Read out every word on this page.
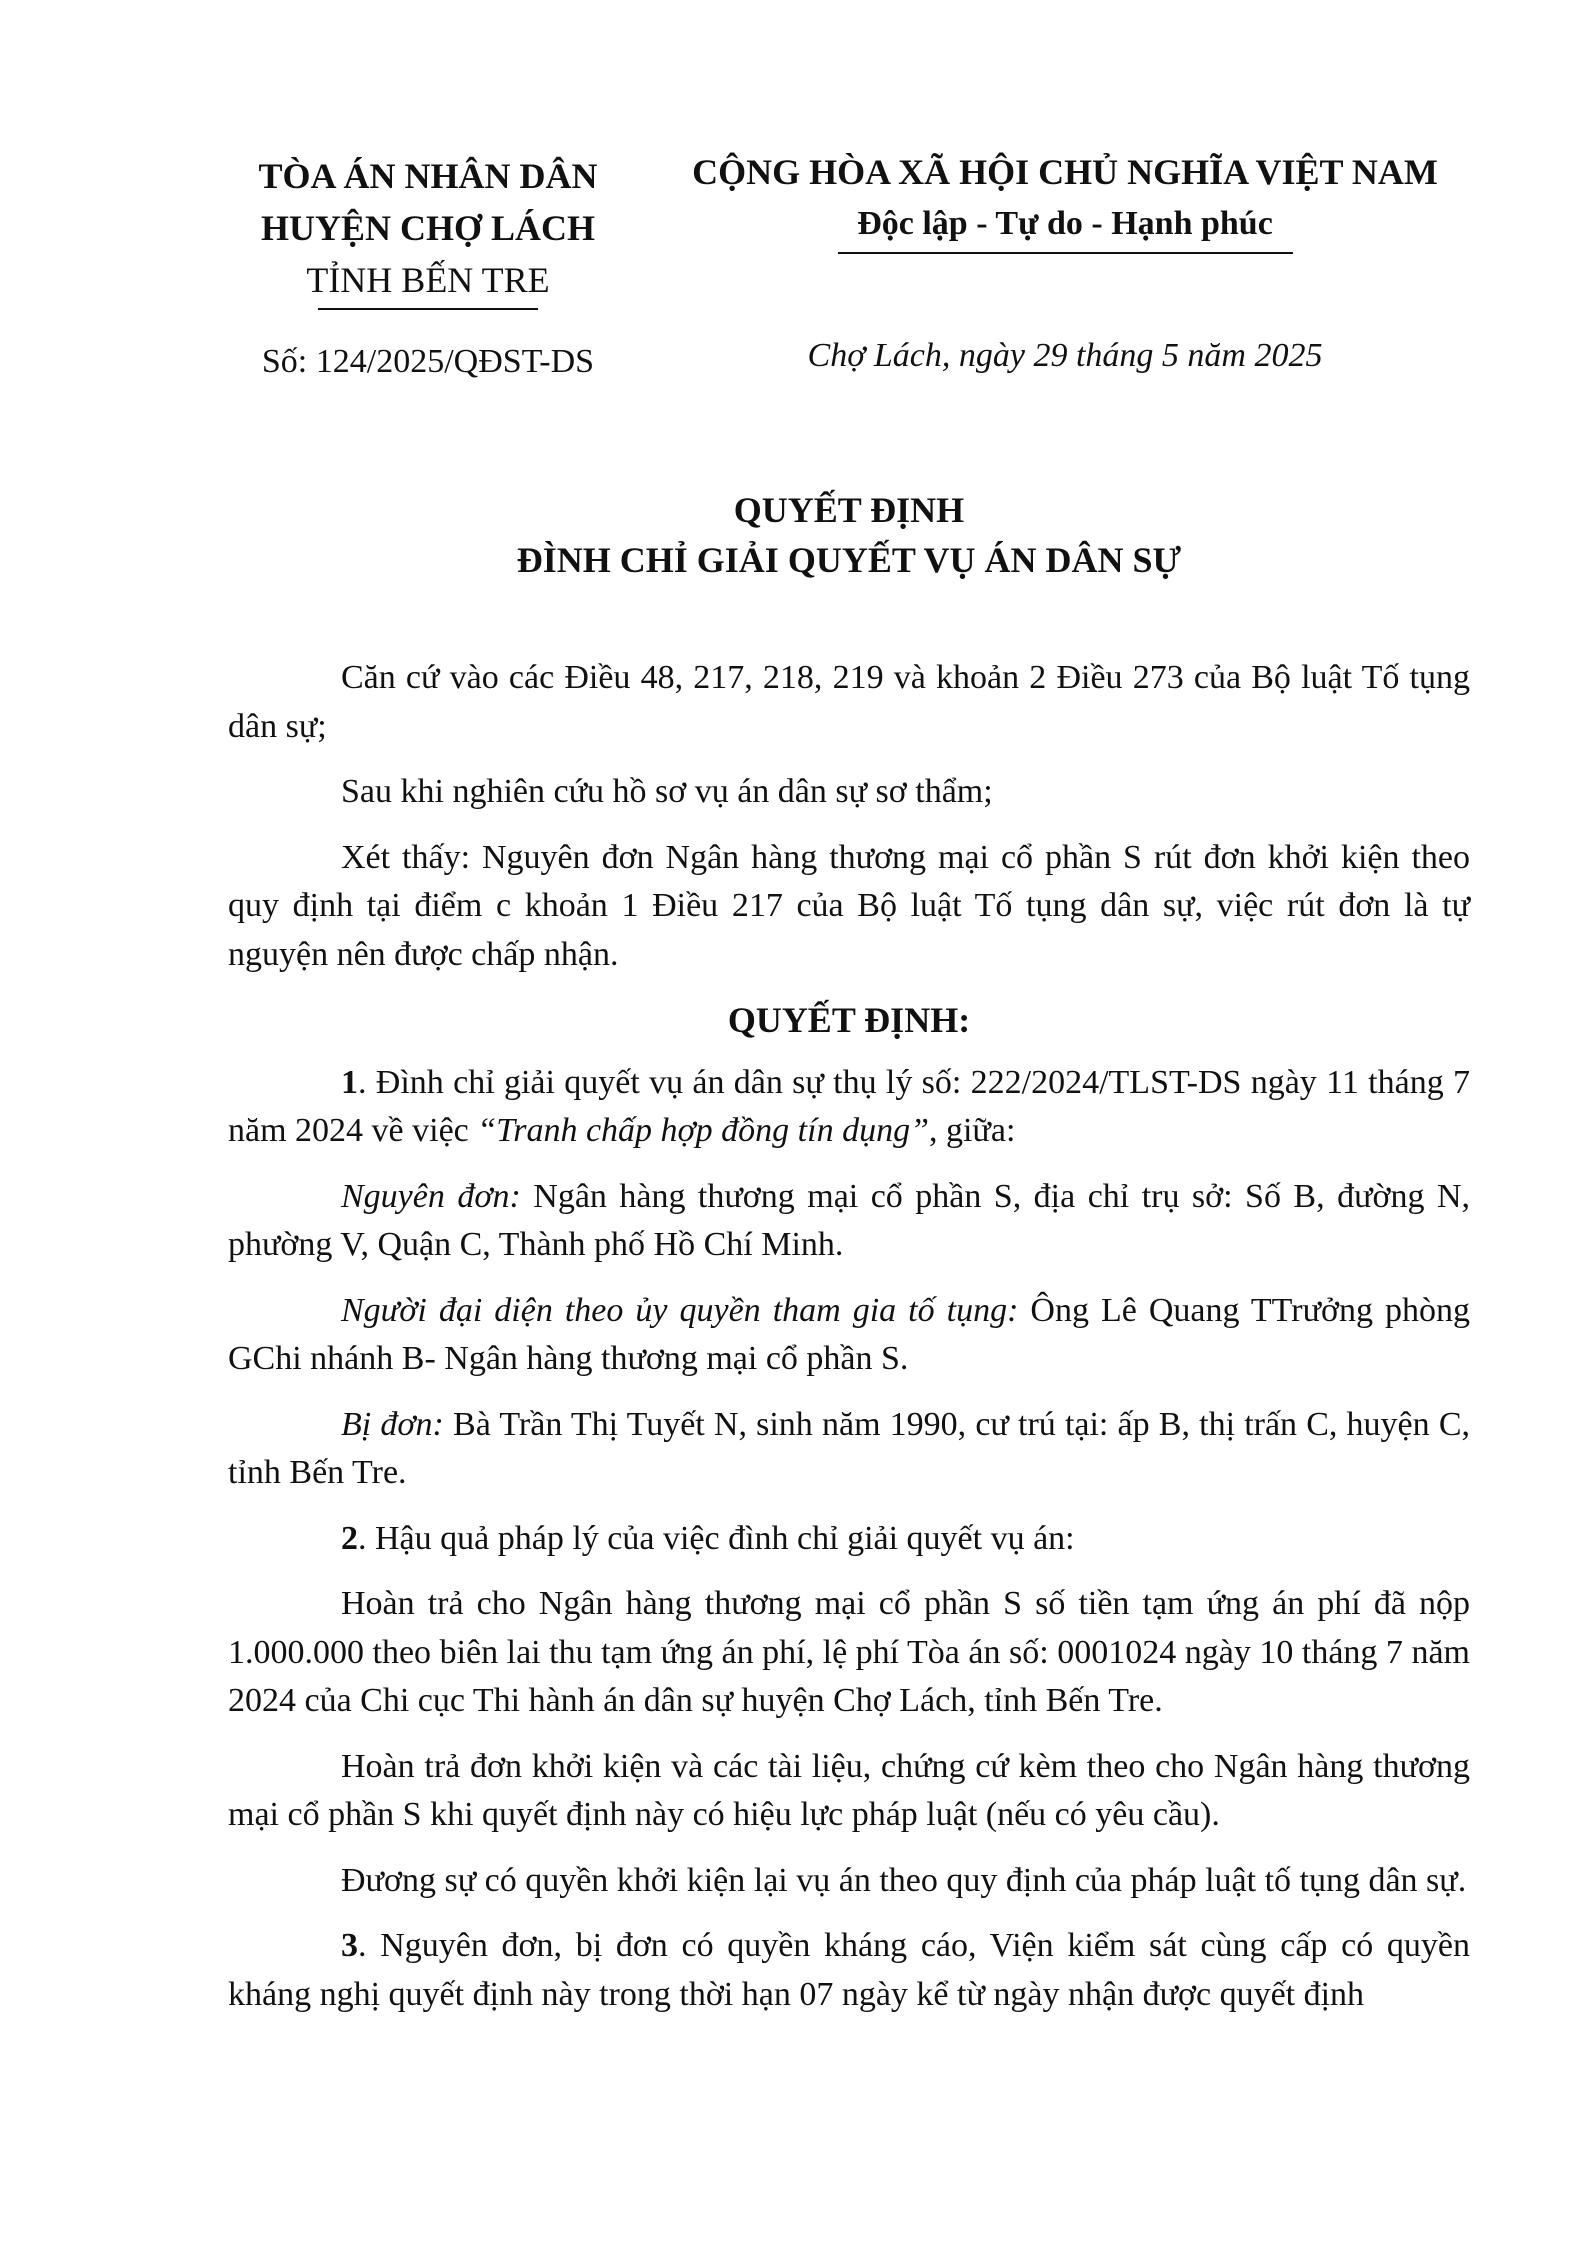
TÒA ÁN NHÂN DÂN
HUYỆN CHỢ LÁCH
TỈNH BẾN TRE
CỘNG HÒA XÃ HỘI CHỦ NGHĨA VIỆT NAM
Độc lập - Tự do - Hạnh phúc
Số: 124/2025/QĐST-DS	Chợ Lách, ngày 29 tháng 5 năm 2025
QUYẾT ĐỊNH
ĐÌNH CHỈ GIẢI QUYẾT VỤ ÁN DÂN SỰ

Căn cứ vào các Điều 48, 217, 218, 219 và khoản 2 Điều 273 của Bộ luật Tố tụng dân sự;

Sau khi nghiên cứu hồ sơ vụ án dân sự sơ thẩm;

Xét thấy: Nguyên đơn Ngân hàng thương mại cổ phần S rút đơn khởi kiện theo quy định tại điểm c khoản 1 Điều 217 của Bộ luật Tố tụng dân sự, việc rút đơn là tự nguyện nên được chấp nhận.

QUYẾT ĐỊNH:

1. Đình chỉ giải quyết vụ án dân sự thụ lý số: 222/2024/TLST-DS ngày 11 tháng 7 năm 2024 về việc “Tranh chấp hợp đồng tín dụng”, giữa:

Nguyên đơn: Ngân hàng thương mại cổ phần S, địa chỉ trụ sở: Số B, đường N, phường V, Quận C, Thành phố Hồ Chí Minh.

Người đại diện theo ủy quyền tham gia tố tụng: Ông Lê Quang TTrưởng phòng GChi nhánh B- Ngân hàng thương mại cổ phần S.

Bị đơn: Bà Trần Thị Tuyết N, sinh năm 1990, cư trú tại: ấp B, thị trấn C, huyện C, tỉnh Bến Tre.

2. Hậu quả pháp lý của việc đình chỉ giải quyết vụ án:

Hoàn trả cho Ngân hàng thương mại cổ phần S số tiền tạm ứng án phí đã nộp 1.000.000 theo biên lai thu tạm ứng án phí, lệ phí Tòa án số: 0001024 ngày 10 tháng 7 năm 2024 của Chi cục Thi hành án dân sự huyện Chợ Lách, tỉnh Bến Tre.

Hoàn trả đơn khởi kiện và các tài liệu, chứng cứ kèm theo cho Ngân hàng thương mại cổ phần S khi quyết định này có hiệu lực pháp luật (nếu có yêu cầu).

Đương sự có quyền khởi kiện lại vụ án theo quy định của pháp luật tố tụng dân sự.

3. Nguyên đơn, bị đơn có quyền kháng cáo, Viện kiểm sát cùng cấp có quyền kháng nghị quyết định này trong thời hạn 07 ngày kể từ ngày nhận được quyết định
